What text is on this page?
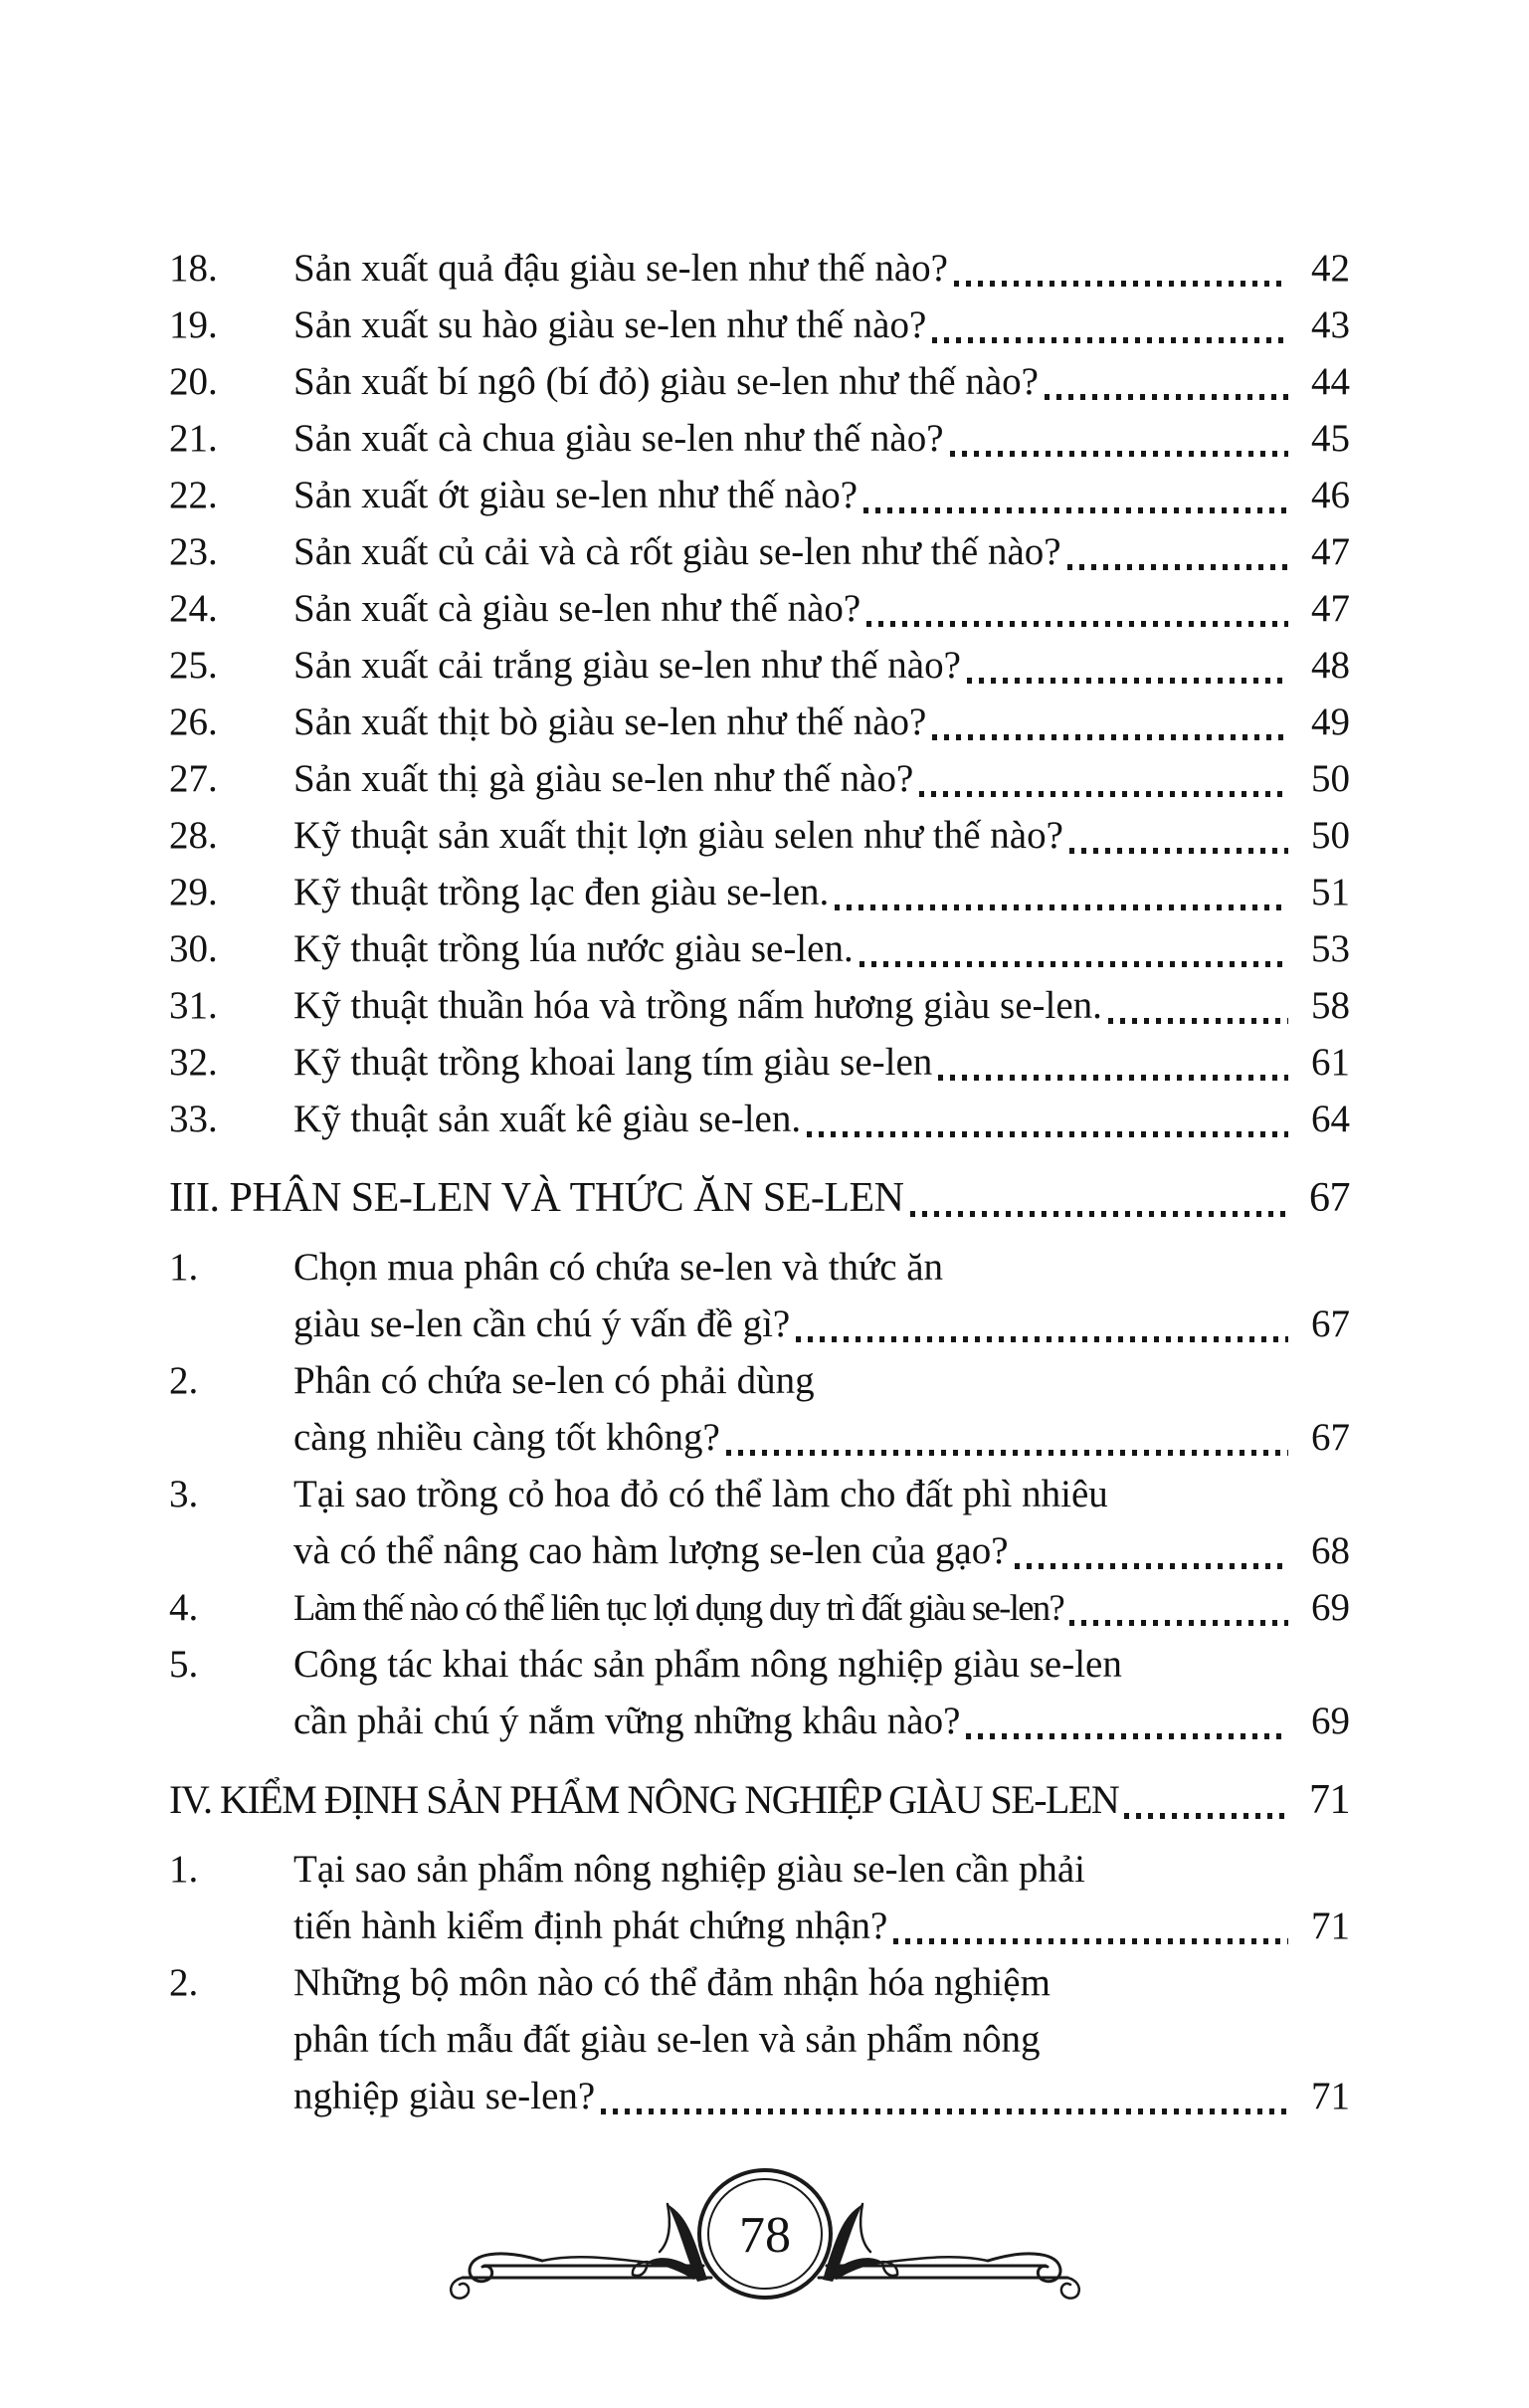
18.	Sản xuất quả đậu giàu se-len như thế nào?	42
19.	Sản xuất su hào giàu se-len như thế nào?	43
20.	Sản xuất bí ngô (bí đỏ) giàu se-len như thế nào?	44
21.	Sản xuất cà chua giàu se-len như thế nào?	45
22.	Sản xuất ớt giàu se-len như thế nào?	46
23.	Sản xuất củ cải và cà rốt giàu se-len như thế nào?	47
24.	Sản xuất cà giàu se-len như thế nào?	47
25.	Sản xuất cải trắng giàu se-len như thế nào?	48
26.	Sản xuất thịt bò giàu se-len như thế nào?	49
27.	Sản xuất thị gà giàu se-len như thế nào?	50
28.	Kỹ thuật sản xuất thịt lợn giàu selen như thế nào?	50
29.	Kỹ thuật trồng lạc đen giàu se-len.	51
30.	Kỹ thuật trồng lúa nước giàu se-len.	53
31.	Kỹ thuật thuần hóa và trồng nấm hương giàu se-len.	58
32.	Kỹ thuật trồng khoai lang tím giàu se-len	61
33.	Kỹ thuật sản xuất kê giàu se-len.	64
III. PHÂN SE-LEN VÀ THỨC ĂN SE-LEN	67
1.	Chọn mua phân có chứa se-len và thức ăn
giàu se-len cần chú ý vấn đề gì?	67
2.	Phân có chứa se-len có phải dùng
càng nhiều càng tốt không?	67
3.	Tại sao trồng cỏ hoa đỏ có thể làm cho đất phì nhiêu
và có thể nâng cao hàm lượng se-len của gạo?	68
4.	Làm thế nào có thể liên tục lợi dụng duy trì đất giàu se-len?	69
5.	Công tác khai thác sản phẩm nông nghiệp giàu se-len
cần phải chú ý nắm vững những khâu nào?	69
IV. KIỂM ĐỊNH SẢN PHẨM NÔNG NGHIỆP GIÀU SE-LEN	71
1.	Tại sao sản phẩm nông nghiệp giàu se-len cần phải
tiến hành kiểm định phát chứng nhận?	71
2.	Những bộ môn nào có thể đảm nhận hóa nghiệm
phân tích mẫu đất giàu se-len và sản phẩm nông
nghiệp giàu se-len?	71
78
